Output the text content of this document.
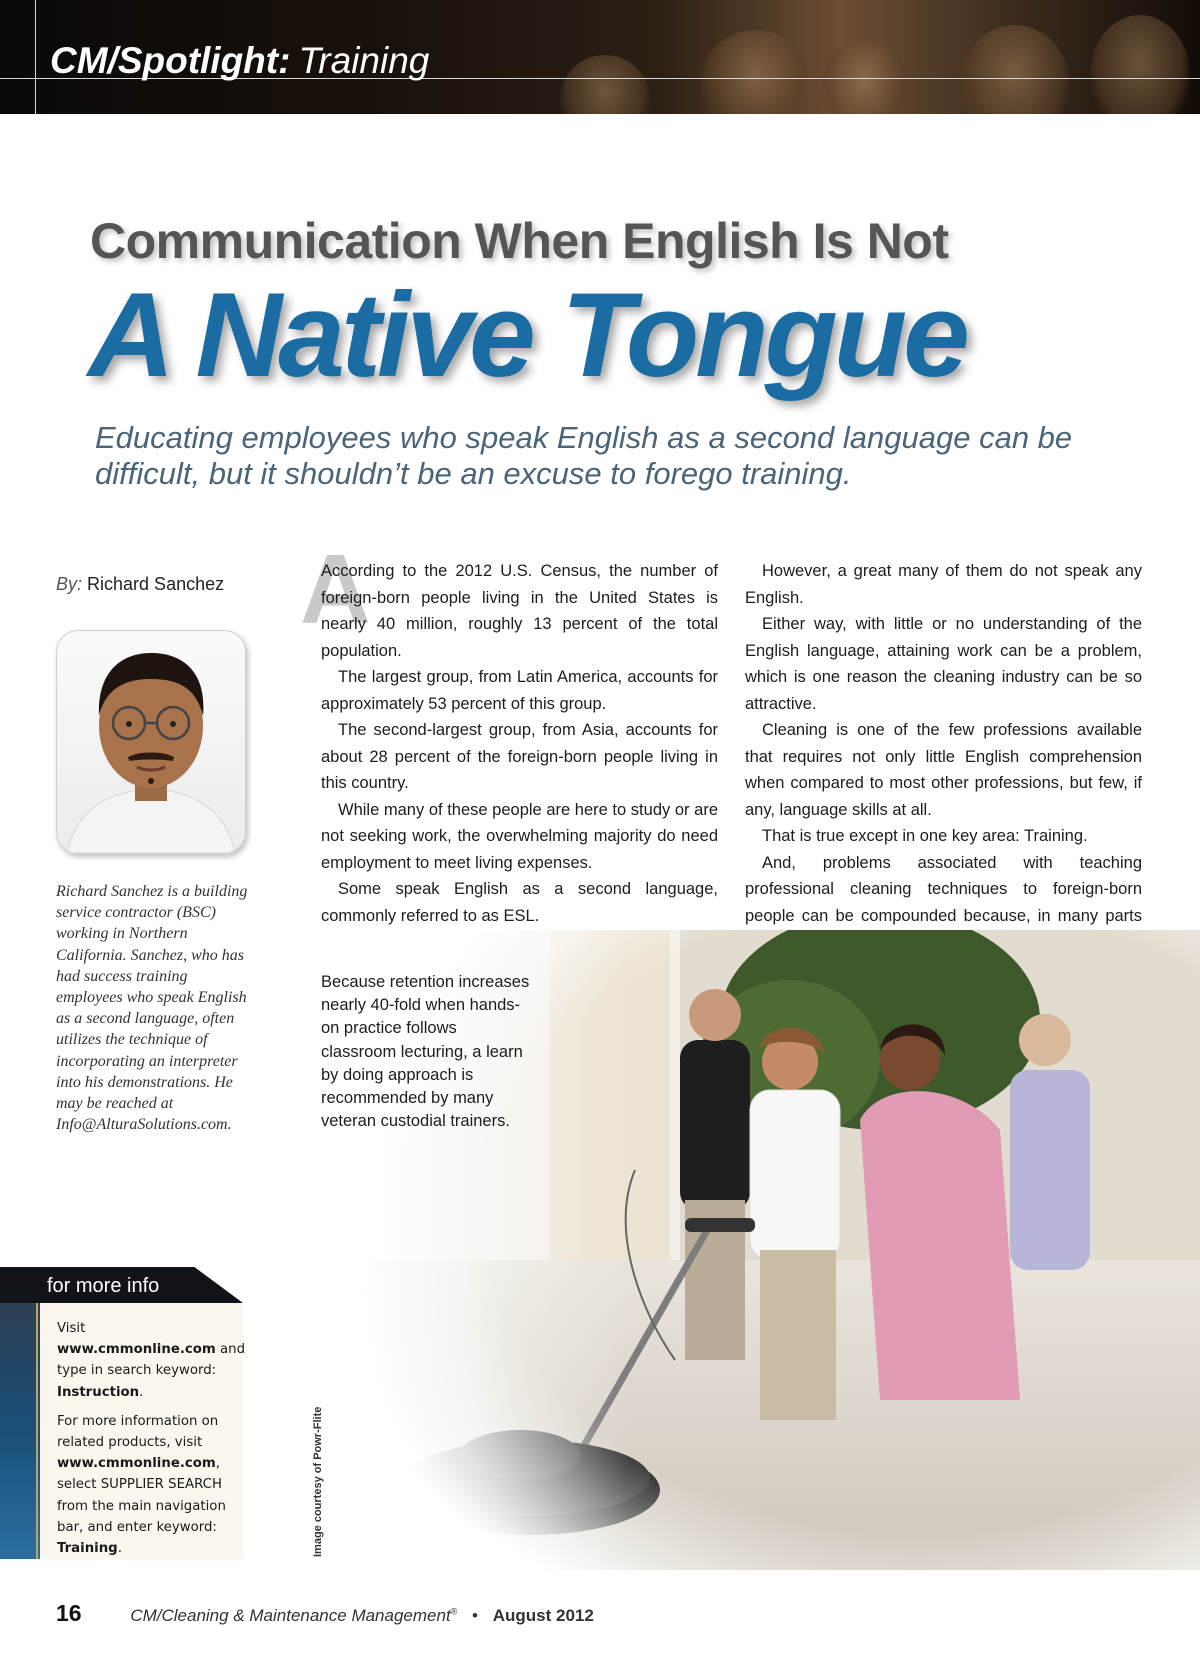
CM/Spotlight: Training
Communication When English Is Not
A Native Tongue
Educating employees who speak English as a second language can be difficult, but it shouldn’t be an excuse to forego training.
By: Richard Sanchez
Richard Sanchez is a building service contractor (BSC) working in Northern California. Sanchez, who has had success training employees who speak English as a second language, often utilizes the technique of incorporating an interpreter into his demonstrations. He may be reached at Info@AlturaSolutions.com.
A

According to the 2012 U.S. Census, the number of foreign-born people living in the United States is nearly 40 million, roughly 13 percent of the total population.

The largest group, from Latin America, accounts for approximately 53 percent of this group.

The second-largest group, from Asia, accounts for about 28 percent of the foreign-born people living in this country.

While many of these people are here to study or are not seeking work, the overwhelming majority do need employment to meet living expenses.

Some speak English as a second language, commonly referred to as ESL.

However, a great many of them do not speak any English.

Either way, with little or no understanding of the English language, attaining work can be a problem, which is one reason the cleaning industry can be so attractive.

Cleaning is one of the few professions available that requires not only little English comprehension when compared to most other professions, but few, if any, language skills at all.

That is true except in one key area: Training.

And, problems associated with teaching professional cleaning techniques to foreign-born people can be compounded because, in many parts

Image courtesy of Powr-Flite
Because retention increases nearly 40-fold when hands-on practice follows classroom lecturing, a learn by doing approach is recommended by many veteran custodial trainers.
for more info

Visit www.cmmonline.com and type in search keyword: Instruction.

For more information on related products, visit www.cmmonline.com, select SUPPLIER SEARCH from the main navigation bar, and enter keyword: Training.

16	CM/Cleaning & Maintenance Management® • August 2012
